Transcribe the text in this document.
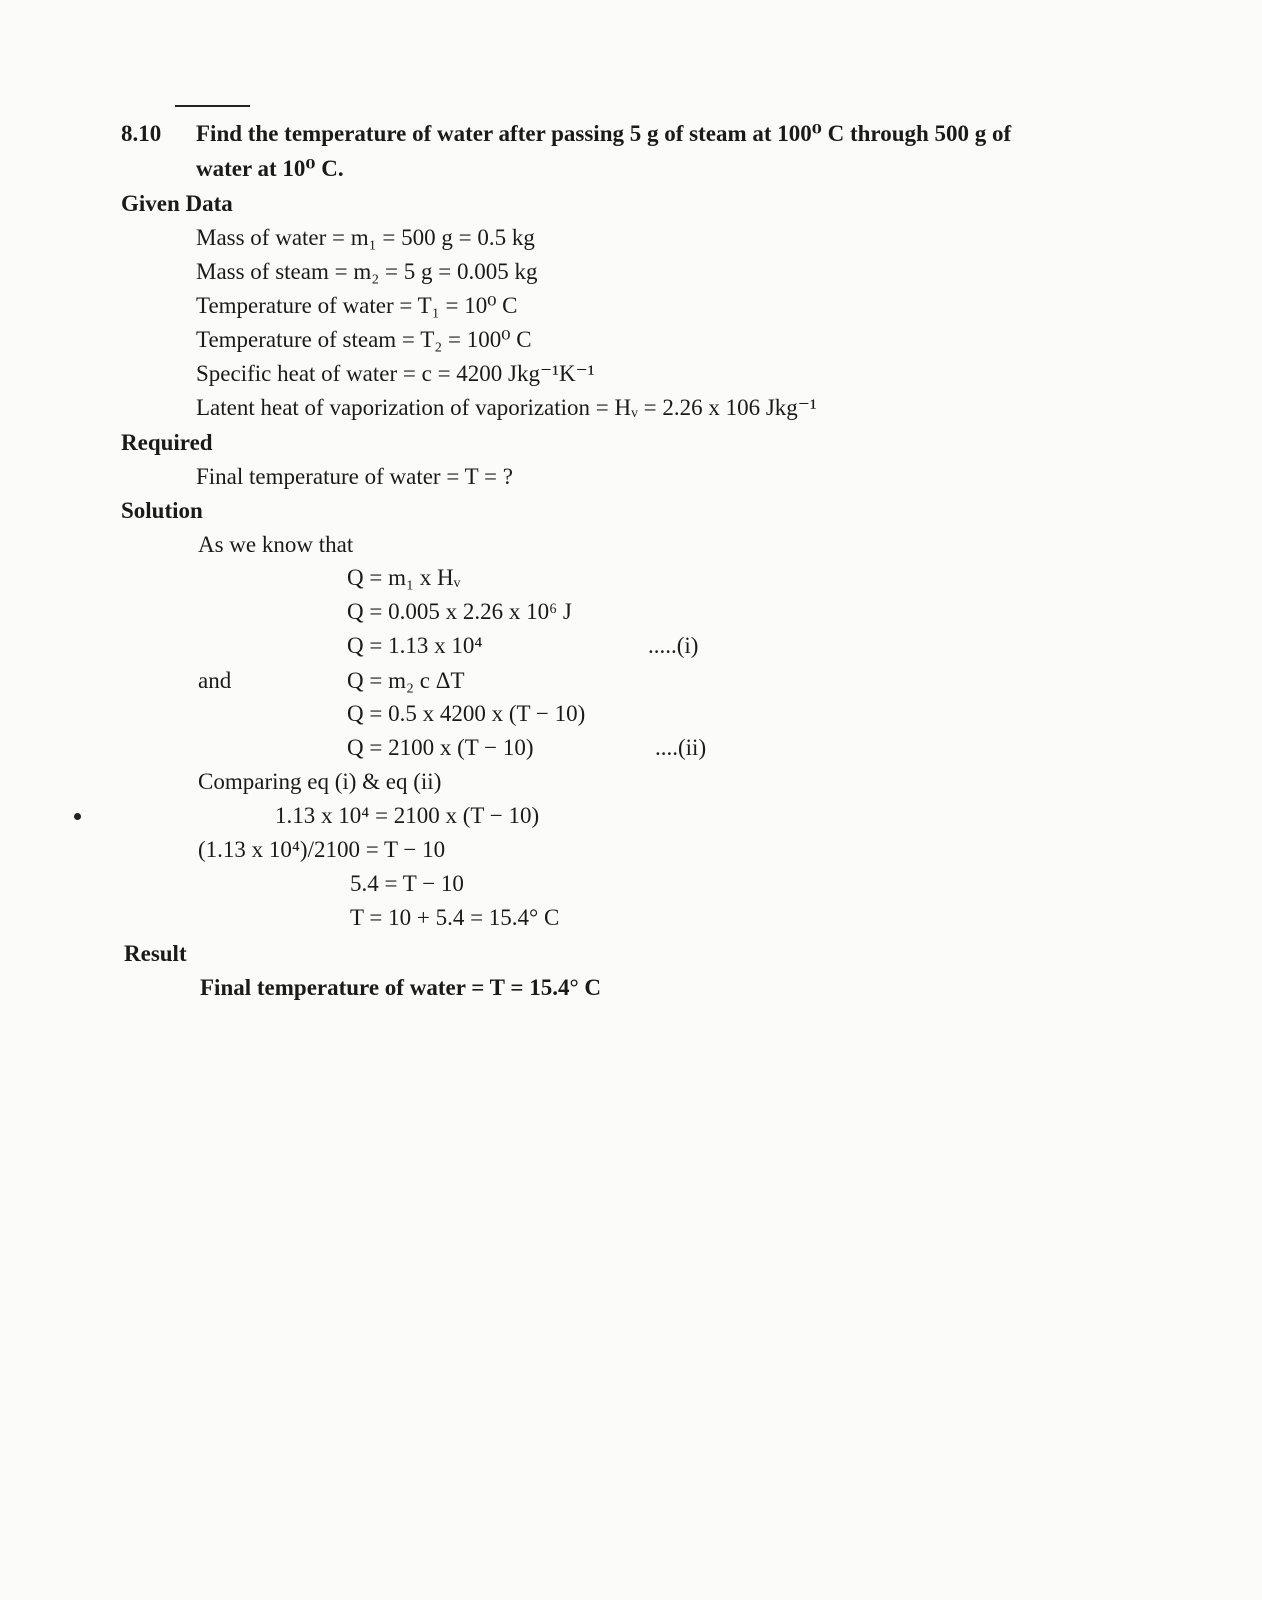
8.10 Find the temperature of water after passing 5 g of steam at 100⁰ C through 500 g of
water at 10⁰ C.
Given Data
Mass of water = m₁ = 500 g = 0.5 kg
Mass of steam = m₂ = 5 g = 0.005 kg
Temperature of water = T₁ = 10⁰ C
Temperature of steam = T₂ = 100⁰ C
Specific heat of water = c = 4200 Jkg⁻¹K⁻¹
Latent heat of vaporization of vaporization = Hᵥ = 2.26 x 106 Jkg⁻¹
Required
Final temperature of water = T = ?
Solution
As we know that
Q = m₁ x Hᵥ
Q = 0.005 x 2.26 x 10⁶ J
Q = 1.13 x 10⁴	.....(i)
and	Q = m₂ c ΔT
Q = 0.5 x 4200 x (T − 10)
Q = 2100 x (T − 10)	....(ii)
Comparing eq (i) & eq (ii)
1.13 x 10⁴ = 2100 x (T − 10)
(1.13 x 10⁴)/2100 = T − 10
5.4 = T − 10
T = 10 + 5.4 = 15.4° C
Result
Final temperature of water = T = 15.4° C
